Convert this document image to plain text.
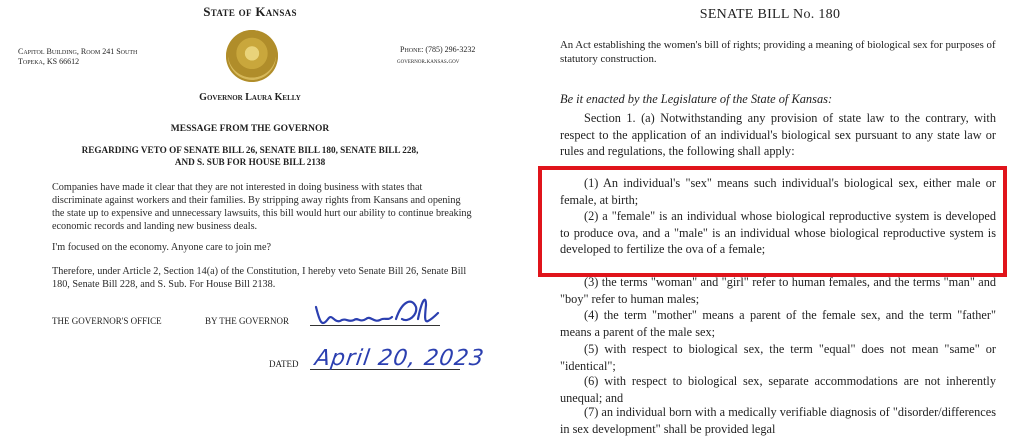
State of Kansas
Capitol Building, Room 241 South
Topeka, KS 66612
Phone: (785) 296-3232
governor.kansas.gov
Governor Laura Kelly
MESSAGE FROM THE GOVERNOR
REGARDING VETO OF SENATE BILL 26, SENATE BILL 180, SENATE BILL 228,
AND S. SUB FOR HOUSE BILL 2138
Companies have made it clear that they are not interested in doing business with states that discriminate against workers and their families. By stripping away rights from Kansans and opening the state up to expensive and unnecessary lawsuits, this bill would hurt our ability to continue breaking economic records and landing new business deals.
I'm focused on the economy. Anyone care to join me?
Therefore, under Article 2, Section 14(a) of the Constitution, I hereby veto Senate Bill 26, Senate Bill 180, Senate Bill 228, and S. Sub. For House Bill 2138.
THE GOVERNOR'S OFFICE	BY THE GOVERNOR
DATED April 20, 2023
SENATE BILL No. 180
An Act establishing the women's bill of rights; providing a meaning of biological sex for purposes of statutory construction.
Be it enacted by the Legislature of the State of Kansas:
Section 1. (a) Notwithstanding any provision of state law to the contrary, with respect to the application of an individual's biological sex pursuant to any state law or rules and regulations, the following shall apply:
(1) An individual's "sex" means such individual's biological sex, either male or female, at birth;
(2) a "female" is an individual whose biological reproductive system is developed to produce ova, and a "male" is an individual whose biological reproductive system is developed to fertilize the ova of a female;
(3) the terms "woman" and "girl" refer to human females, and the terms "man" and "boy" refer to human males;
(4) the term "mother" means a parent of the female sex, and the term "father" means a parent of the male sex;
(5) with respect to biological sex, the term "equal" does not mean "same" or "identical";
(6) with respect to biological sex, separate accommodations are not inherently unequal; and
(7) an individual born with a medically verifiable diagnosis of "disorder/differences in sex development" shall be provided legal
